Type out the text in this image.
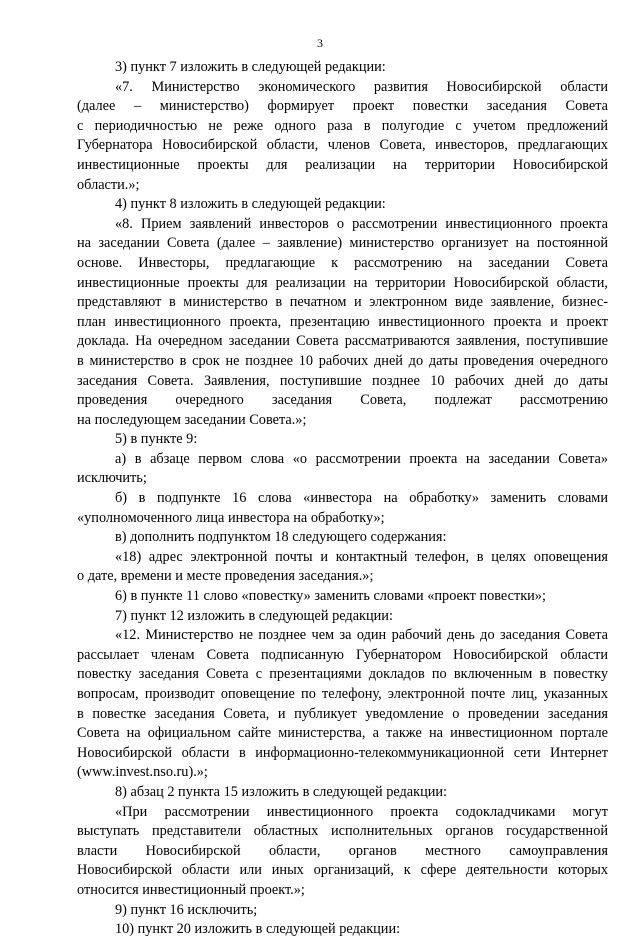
3
3) пункт 7 изложить в следующей редакции:
«7. Министерство экономического развития Новосибирской области
(далее – министерство) формирует проект повестки заседания Совета
с периодичностью не реже одного раза в полугодие с учетом предложений
Губернатора Новосибирской области, членов Совета, инвесторов, предлагающих
инвестиционные проекты для реализации на территории Новосибирской
области.»;
4) пункт 8 изложить в следующей редакции:
«8. Прием заявлений инвесторов о рассмотрении инвестиционного проекта
на заседании Совета (далее – заявление) министерство организует на постоянной
основе. Инвесторы, предлагающие к рассмотрению на заседании Совета
инвестиционные проекты для реализации на территории Новосибирской области,
представляют в министерство в печатном и электронном виде заявление, бизнес-
план инвестиционного проекта, презентацию инвестиционного проекта и проект
доклада. На очередном заседании Совета рассматриваются заявления, поступившие
в министерство в срок не позднее 10 рабочих дней до даты проведения очередного
заседания Совета. Заявления, поступившие позднее 10 рабочих дней до даты
проведения очередного заседания Совета, подлежат рассмотрению
на последующем заседании Совета.»;
5) в пункте 9:
а) в абзаце первом слова «о рассмотрении проекта на заседании Совета»
исключить;
б) в подпункте 16 слова «инвестора на обработку» заменить словами
«уполномоченного лица инвестора на обработку»;
в) дополнить подпунктом 18 следующего содержания:
«18) адрес электронной почты и контактный телефон, в целях оповещения
о дате, времени и месте проведения заседания.»;
6) в пункте 11 слово «повестку» заменить словами «проект повестки»;
7) пункт 12 изложить в следующей редакции:
«12. Министерство не позднее чем за один рабочий день до заседания Совета
рассылает членам Совета подписанную Губернатором Новосибирской области
повестку заседания Совета с презентациями докладов по включенным в повестку
вопросам, производит оповещение по телефону, электронной почте лиц, указанных
в повестке заседания Совета, и публикует уведомление о проведении заседания
Совета на официальном сайте министерства, а также на инвестиционном портале
Новосибирской области в информационно-телекоммуникационной сети Интернет
(www.invest.nso.ru).»;
8) абзац 2 пункта 15 изложить в следующей редакции:
«При рассмотрении инвестиционного проекта содокладчиками могут
выступать представители областных исполнительных органов государственной
власти Новосибирской области, органов местного самоуправления
Новосибирской области или иных организаций, к сфере деятельности которых
относится инвестиционный проект.»;
9) пункт 16 исключить;
10) пункт 20 изложить в следующей редакции:
